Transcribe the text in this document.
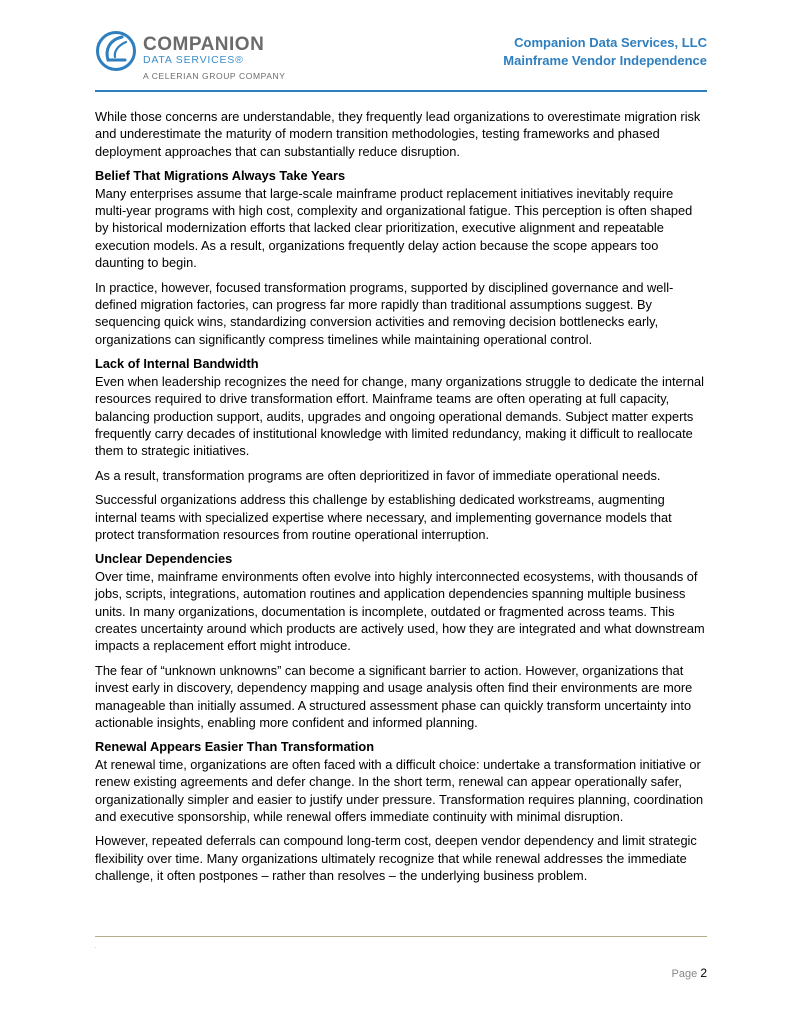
COMPANION
DATA SERVICES®
A CELERIAN GROUP COMPANY
Companion Data Services, LLC
Mainframe Vendor Independence

While those concerns are understandable, they frequently lead organizations to overestimate migration risk and underestimate the maturity of modern transition methodologies, testing frameworks and phased deployment approaches that can substantially reduce disruption.

Belief That Migrations Always Take Years

Many enterprises assume that large-scale mainframe product replacement initiatives inevitably require multi-year programs with high cost, complexity and organizational fatigue. This perception is often shaped by historical modernization efforts that lacked clear prioritization, executive alignment and repeatable execution models. As a result, organizations frequently delay action because the scope appears too daunting to begin.

In practice, however, focused transformation programs, supported by disciplined governance and well-defined migration factories, can progress far more rapidly than traditional assumptions suggest. By sequencing quick wins, standardizing conversion activities and removing decision bottlenecks early, organizations can significantly compress timelines while maintaining operational control.

Lack of Internal Bandwidth

Even when leadership recognizes the need for change, many organizations struggle to dedicate the internal resources required to drive transformation effort. Mainframe teams are often operating at full capacity, balancing production support, audits, upgrades and ongoing operational demands. Subject matter experts frequently carry decades of institutional knowledge with limited redundancy, making it difficult to reallocate them to strategic initiatives.

As a result, transformation programs are often deprioritized in favor of immediate operational needs.

Successful organizations address this challenge by establishing dedicated workstreams, augmenting internal teams with specialized expertise where necessary, and implementing governance models that protect transformation resources from routine operational interruption.

Unclear Dependencies

Over time, mainframe environments often evolve into highly interconnected ecosystems, with thousands of jobs, scripts, integrations, automation routines and application dependencies spanning multiple business units. In many organizations, documentation is incomplete, outdated or fragmented across teams. This creates uncertainty around which products are actively used, how they are integrated and what downstream impacts a replacement effort might introduce.

The fear of “unknown unknowns” can become a significant barrier to action. However, organizations that invest early in discovery, dependency mapping and usage analysis often find their environments are more manageable than initially assumed. A structured assessment phase can quickly transform uncertainty into actionable insights, enabling more confident and informed planning.

Renewal Appears Easier Than Transformation

At renewal time, organizations are often faced with a difficult choice: undertake a transformation initiative or renew existing agreements and defer change. In the short term, renewal can appear operationally safer, organizationally simpler and easier to justify under pressure. Transformation requires planning, coordination and executive sponsorship, while renewal offers immediate continuity with minimal disruption.

However, repeated deferrals can compound long-term cost, deepen vendor dependency and limit strategic flexibility over time. Many organizations ultimately recognize that while renewal addresses the immediate challenge, it often postpones – rather than resolves – the underlying business problem.

.
Page 2
